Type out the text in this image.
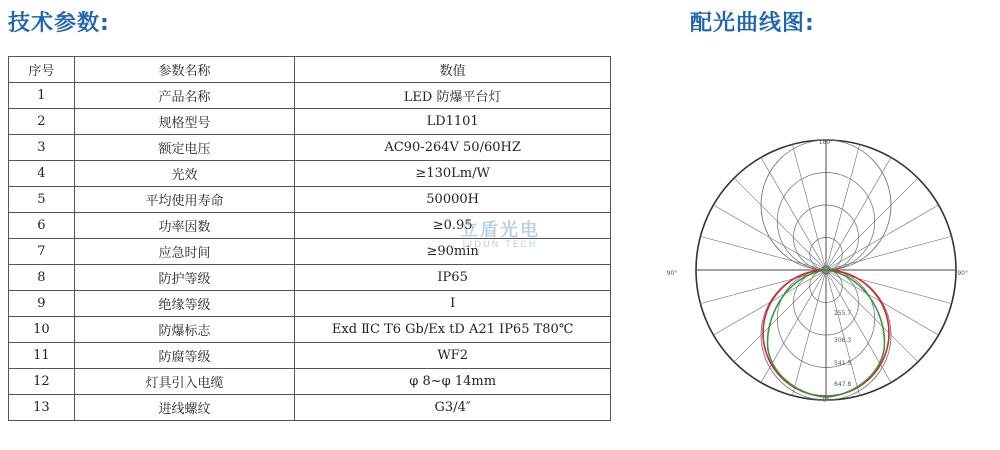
技术参数:	配光曲线图:
序号	参数名称	数值
1	产品名称	LED 防爆平台灯
2	规格型号	LD1101
3	额定电压	AC90-264V 50/60HZ
4	光效	≥130Lm/W
5	平均使用寿命	50000H
6	功率因数	≥0.95
7	应急时间	≥90min
8	防护等级	IP65
9	绝缘等级	Ⅰ
10	防爆标志	Exd ⅡC T6 Gb/Ex tD A21 IP65 T80℃
11	防腐等级	WF2
12	灯具引入电缆	φ 8~φ 14mm
13	进线螺纹	G3/4″
立盾光电
LIDUN TECH
180°
90°	90°
0°
255.7
306.3
541.5
647.8
